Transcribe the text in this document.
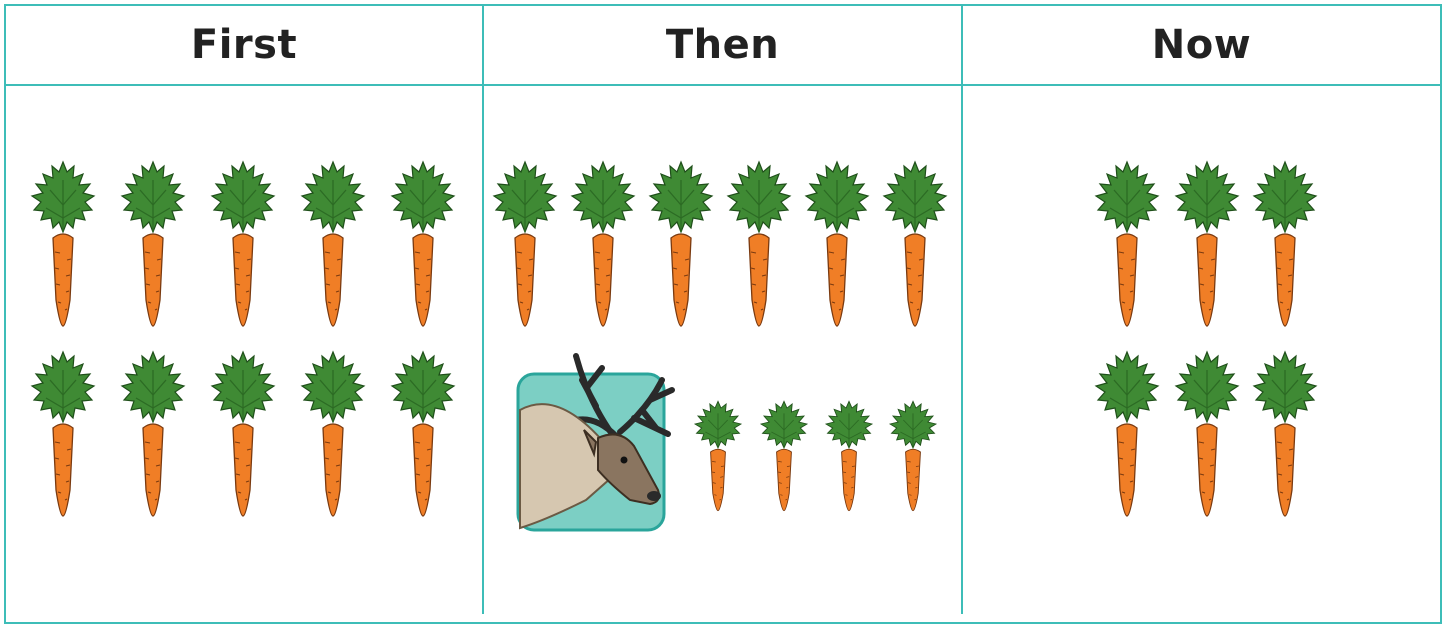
First	Then	Now
